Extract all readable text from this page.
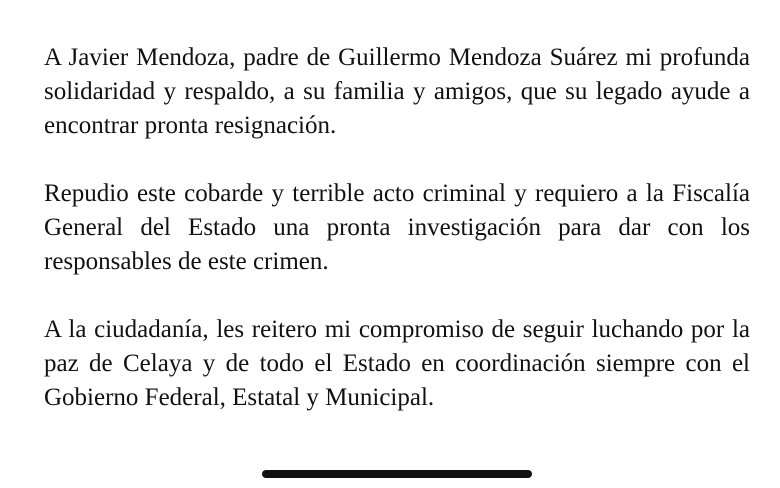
A Javier Mendoza, padre de Guillermo Mendoza Suárez mi profunda solidaridad y respaldo, a su familia y amigos, que su legado ayude a encontrar pronta resignación.

Repudio este cobarde y terrible acto criminal y requiero a la Fiscalía General del Estado una pronta investigación para dar con los responsables de este crimen.

A la ciudadanía, les reitero mi compromiso de seguir luchando por la paz de Celaya y de todo el Estado en coordinación siempre con el Gobierno Federal, Estatal y Municipal.
